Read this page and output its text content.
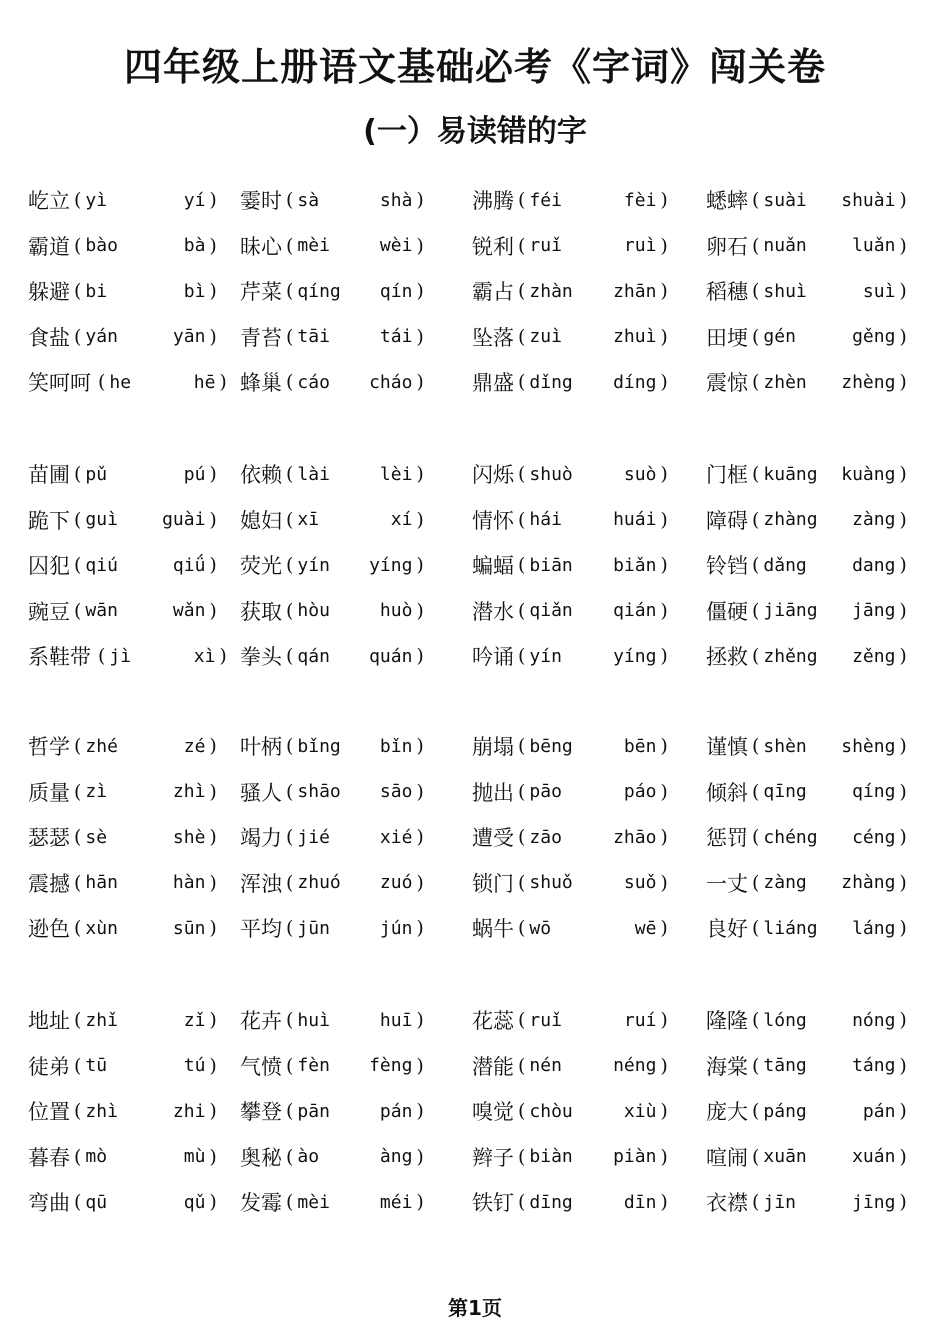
四年级上册语文基础必考《字词》闯关卷
(一）易读错的字
屹立 ( yì	yí ) 霎时 ( sà	shà ) 沸腾 ( féi	fèi ) 蟋蟀 ( suài shuài )
霸道 ( bào	bà ) 昧心 ( mèi	wèi ) 锐利 ( ruǐ	ruì ) 卵石 ( nuǎn	luǎn )
躲避 ( bi	bì ) 芹菜 ( qíng qín ) 霸占 ( zhàn zhān ) 稻穗 ( shuì	suì )
食盐 ( yán	yān ) 青苔 ( tāi	tái ) 坠落 ( zuì	zhuì ) 田埂 ( gén	gěng )
笑呵呵 ( he	hē ) 蜂巢 ( cáo cháo ) 鼎盛 ( dǐng díng ) 震惊 ( zhèn zhèng )
苗圃 ( pǔ	pú ) 依赖 ( lài	lèi ) 闪烁 ( shuò	suò ) 门框 ( kuāng kuàng )
跪下 ( guì guài ) 媳妇 ( xī	xí ) 情怀 ( hái	huái ) 障碍 ( zhàng zàng )
囚犯 ( qiú	qiǘ ) 荧光 ( yín yíng ) 蝙蝠 ( biān biǎn ) 铃铛 ( dǎng	dang )
豌豆 ( wān	wǎn ) 获取 ( hòu	huò ) 潜水 ( qiǎn qián ) 僵硬 ( jiāng jāng )
系鞋带 ( jì	xì ) 拳头 ( qán quán ) 吟诵 ( yín	yíng ) 拯救 ( zhěng zěng )
哲学 ( zhé	zé ) 叶柄 ( bǐng bǐn ) 崩塌 ( bēng	bēn ) 谨慎 ( shèn shèng )
质量 ( zì	zhì ) 骚人 ( shāo sāo ) 抛出 ( pāo	páo ) 倾斜 ( qīng	qíng )
瑟瑟 ( sè	shè ) 竭力 ( jié	xié ) 遭受 ( zāo	zhāo ) 惩罚 ( chéng céng )
震撼 ( hān	hàn ) 浑浊 ( zhuó zuó ) 锁门 ( shuǒ	suǒ ) 一丈 ( zàng zhàng )
逊色 ( xùn	sūn ) 平均 ( jūn	jún ) 蜗牛 ( wō	wē ) 良好 ( liáng láng )
地址 ( zhǐ	zǐ ) 花卉 ( huì	huī ) 花蕊 ( ruǐ	ruí ) 隆隆 ( lóng	nóng )
徒弟 ( tū	tú ) 气愤 ( fèn fèng ) 潜能 ( nén	néng ) 海棠 ( tāng	táng )
位置 ( zhì	zhi ) 攀登 ( pān	pán ) 嗅觉 ( chòu	xiù ) 庞大 ( páng	pán )
暮春 ( mò	mù ) 奥秘 ( ào	àng ) 辫子 ( biàn piàn ) 喧闹 ( xuān	xuán )
弯曲 ( qū	qǔ ) 发霉 ( mèi	méi ) 铁钉 ( dīng	dīn ) 衣襟 ( jīn	jīng )
第1页
